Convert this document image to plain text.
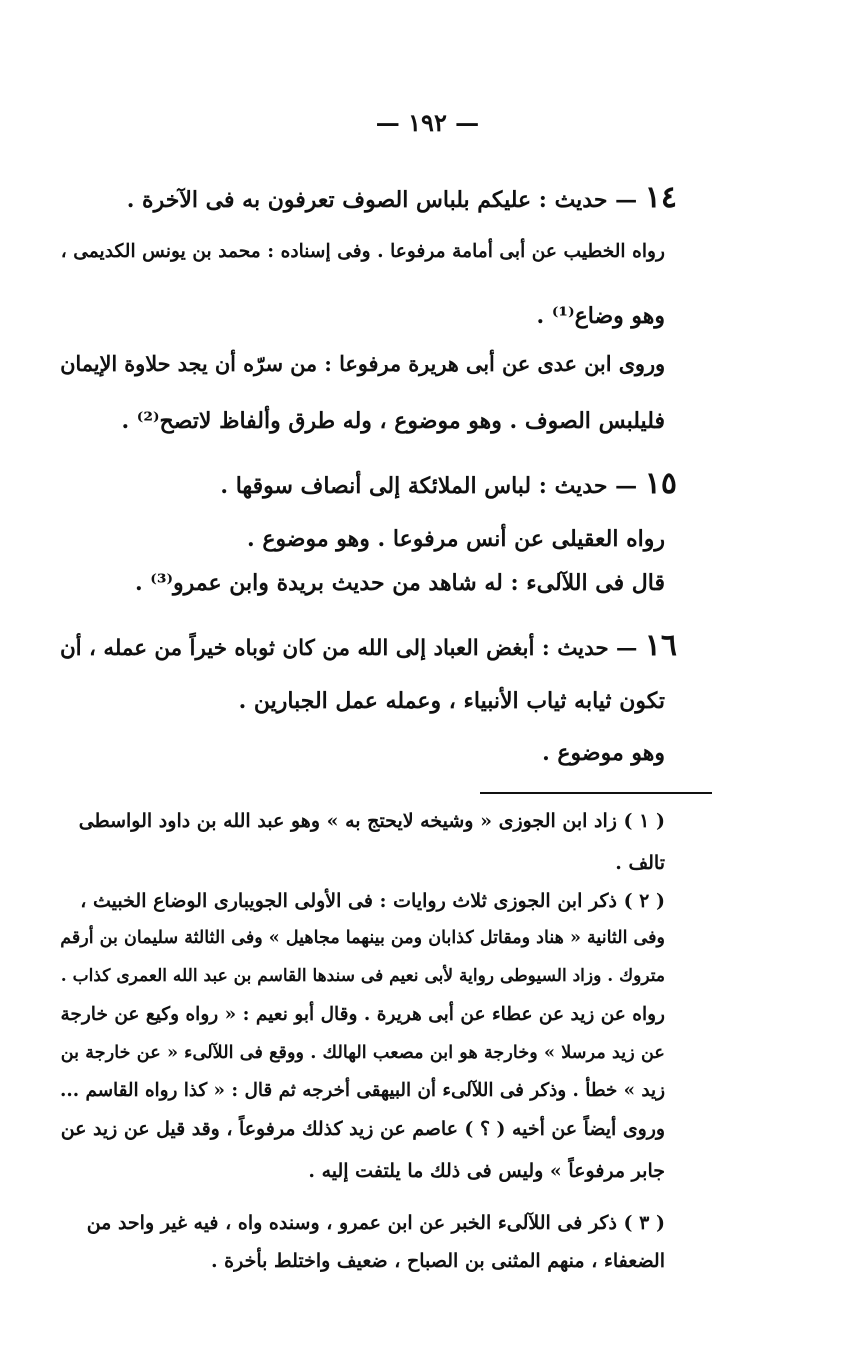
— ١٩٢ —
١٤ — حديث : عليكم بلباس الصوف تعرفون به فى الآخرة .
رواه الخطيب عن أبى أمامة مرفوعا . وفى إسناده : محمد بن يونس الكديمى ،
وهو وضاع⁽¹⁾ .
وروى ابن عدى عن أبى هريرة مرفوعا : من سرّه أن يجد حلاوة الإيمان
فليلبس الصوف . وهو موضوع ، وله طرق وألفاظ لاتصح⁽²⁾ .
١٥ — حديث : لباس الملائكة إلى أنصاف سوقها .
رواه العقيلى عن أنس مرفوعا . وهو موضوع .
قال فى اللآلىء : له شاهد من حديث بريدة وابن عمرو⁽³⁾ .
١٦ — حديث : أبغض العباد إلى الله من كان ثوباه خيراً من عمله ، أن
تكون ثيابه ثياب الأنبياء ، وعمله عمل الجبارين .
وهو موضوع .
( ١ ) زاد ابن الجوزى « وشيخه لايحتج به » وهو عبد الله بن داود الواسطى
تالف .
( ٢ ) ذكر ابن الجوزى ثلاث روايات : فى الأولى الجويبارى الوضاع الخبيث ،
وفى الثانية « هناد ومقاتل كذابان ومن بينهما مجاهيل » وفى الثالثة سليمان بن أرقم
متروك . وزاد السيوطى رواية لأبى نعيم فى سندها القاسم بن عبد الله العمرى كذاب .
رواه عن زيد عن عطاء عن أبى هريرة . وقال أبو نعيم : « رواه وكيع عن خارجة
عن زيد مرسلا » وخارجة هو ابن مصعب الهالك . ووقع فى اللآلىء « عن خارجة بن
زيد » خطأ . وذكر فى اللآلىء أن البيهقى أخرجه ثم قال : « كذا رواه القاسم ...
وروى أيضاً عن أخيه ( ؟ ) عاصم عن زيد كذلك مرفوعاً ، وقد قيل عن زيد عن
جابر مرفوعاً » وليس فى ذلك ما يلتفت إليه .
( ٣ ) ذكر فى اللآلىء الخبر عن ابن عمرو ، وسنده واه ، فيه غير واحد من
الضعفاء ، منهم المثنى بن الصباح ، ضعيف واختلط بأخرة .
